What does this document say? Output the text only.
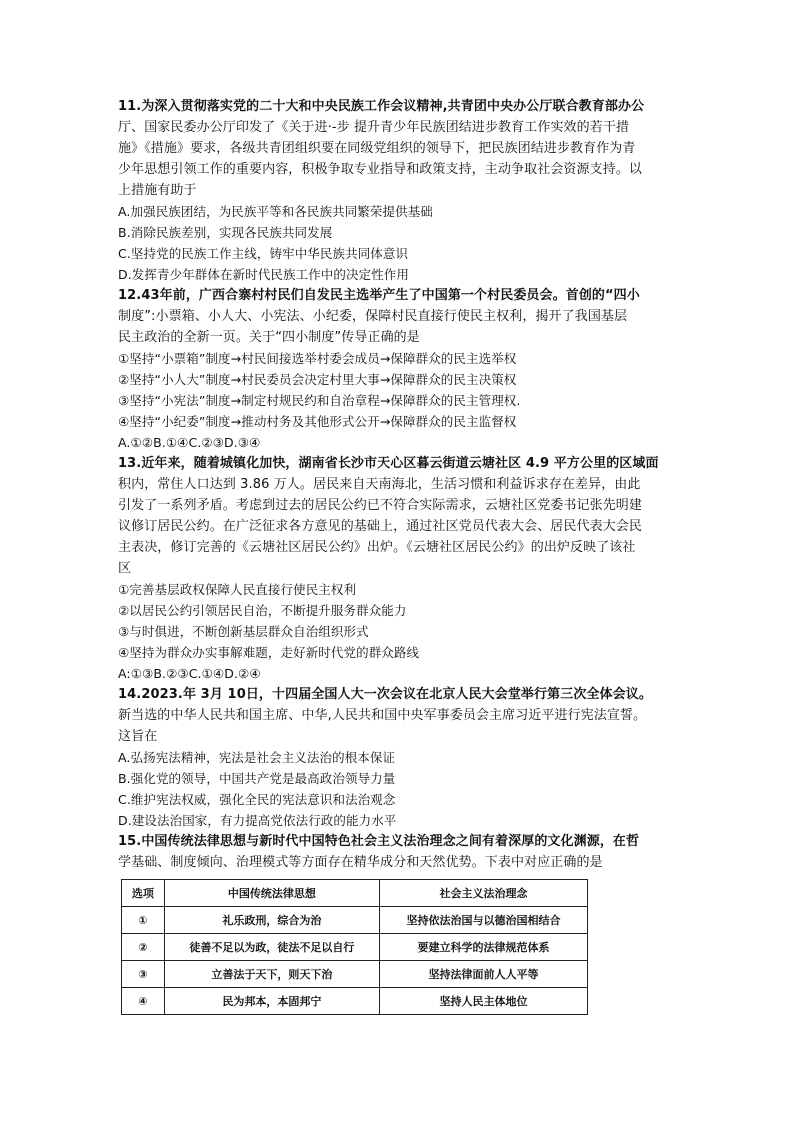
11.为深入贯彻落实党的二十大和中央民族工作会议精神,共青团中央办公厅联合教育部办公
厅、国家民委办公厅印发了《关于进·-步 提升青少年民族团结进步教育工作实效的若干措
施》《措施》要求，各级共青团组织要在同级党组织的领导下，把民族团结进步教育作为青
少年思想引领工作的重要内容，积极争取专业指导和政策支持，主动争取社会资源支持。以
上措施有助于
A.加强民族团结，为民族平等和各民族共同繁荣提供基础
B.消除民族差别，实现各民族共同发展
C.坚持党的民族工作主线，铸牢中华民族共同体意识
D.发挥青少年群体在新时代民族工作中的决定性作用
12.43年前，广西合寨村村民们自发民主选举产生了中国第一个村民委员会。首创的“四小
制度”:小票箱、小人大、小宪法、小纪委，保障村民直接行使民主权利，揭开了我国基层
民主政治的全新一页。关于“四小制度”传导正确的是
①坚持“小票箱”制度→村民间接选举村委会成员→保障群众的民主选举权
②坚持“小人大”制度→村民委员会决定村里大事→保障群众的民主决策权
③坚持“小宪法”制度→制定村规民约和自治章程→保障群众的民主管理权.
④坚持“小纪委”制度→推动村务及其他形式公开→保障群众的民主监督权
A.①②B.①④C.②③D.③④
13.近年来，随着城镇化加快，湖南省长沙市天心区暮云街道云塘社区 4.9 平方公里的区域面
积内，常住人口达到 3.86 万人。居民来自天南海北，生活习惯和利益诉求存在差异，由此
引发了一系列矛盾。考虑到过去的居民公约已不符合实际需求，云塘社区党委书记张先明建
议修订居民公约。在广泛征求各方意见的基础上，通过社区党员代表大会、居民代表大会民
主表决，修订完善的《云塘社区居民公约》出炉。《云塘社区居民公约》的出炉反映了该社
区
①完善基层政权保障人民直接行使民主权利
②以居民公约引领居民自治，不断提升服务群众能力
③与时俱进，不断创新基层群众自治组织形式
④坚持为群众办实事解难题，走好新时代党的群众路线
A:①③B.②③C.①④D.②④
14.2023.年 3月 10日，十四届全国人大一次会议在北京人民大会堂举行第三次全体会议。
新当选的中华人民共和国主席、中华,人民共和国中央军事委员会主席习近平进行宪法宣誓。
这旨在
A.弘扬宪法精神，宪法是社会主义法治的根本保证
B.强化党的领导，中国共产党是最高政治领导力量
C.维护宪法权威，强化全民的宪法意识和法治观念
D.建设法治国家，有力提高党依法行政的能力水平
15.中国传统法律思想与新时代中国特色社会主义法治理念之间有着深厚的文化渊源，在哲
学基础、制度倾向、治理模式等方面存在精华成分和天然优势。下表中对应正确的是
选项	中国传统法律思想	社会主义法治理念
①	礼乐政刑，综合为治	坚持依法治国与以德治国相结合
②	徒善不足以为政，徒法不足以自行	要建立科学的法律规范体系
③	立善法于天下，则天下治	坚持法律面前人人平等
④	民为邦本，本固邦宁	坚持人民主体地位
